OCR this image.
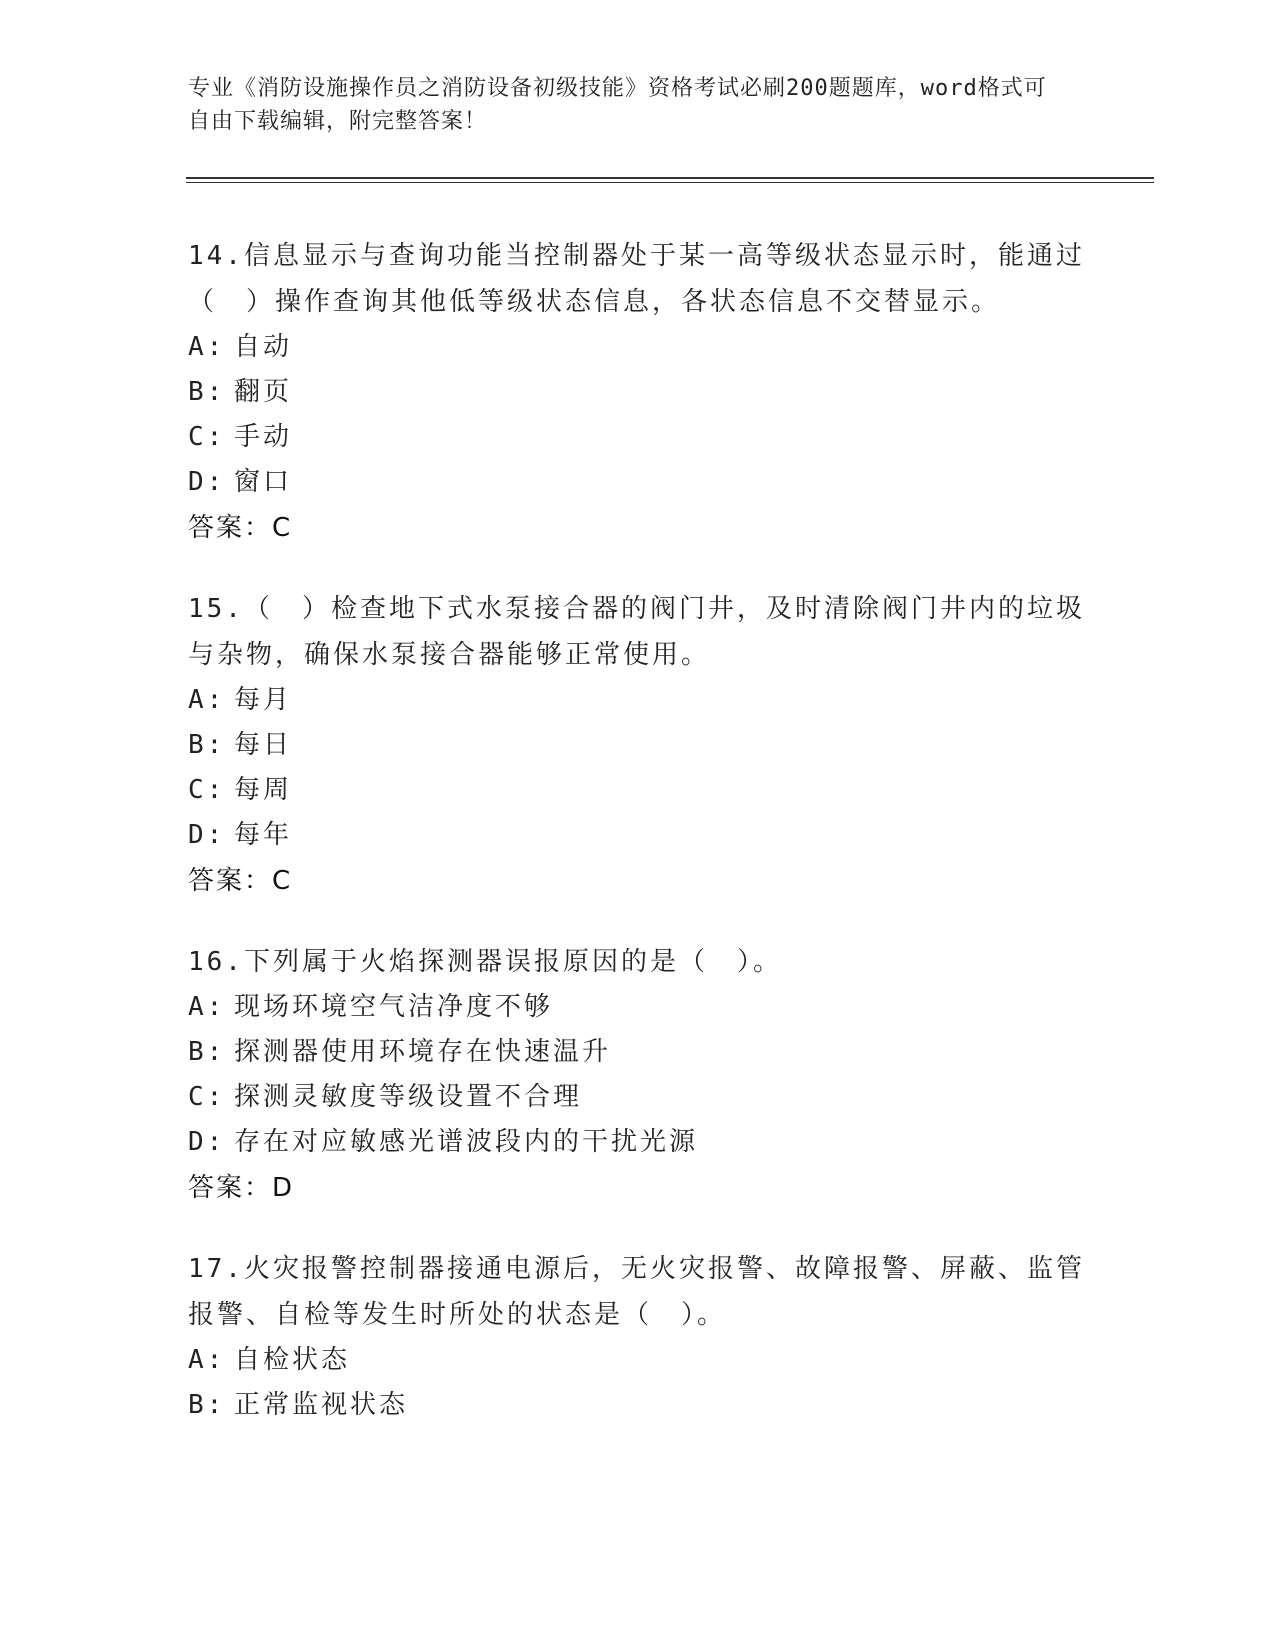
专业《消防设施操作员之消防设备初级技能》资格考试必刷200题题库，word格式可自由下载编辑，附完整答案！
14.信息显示与查询功能当控制器处于某一高等级状态显示时，能通过（　）操作查询其他低等级状态信息，各状态信息不交替显示。
A: 自动
B: 翻页
C: 手动
D: 窗口
答案：C
15.（　）检查地下式水泵接合器的阀门井，及时清除阀门井内的垃圾与杂物，确保水泵接合器能够正常使用。
A: 每月
B: 每日
C: 每周
D: 每年
答案：C
16.下列属于火焰探测器误报原因的是（　）。
A: 现场环境空气洁净度不够
B: 探测器使用环境存在快速温升
C: 探测灵敏度等级设置不合理
D: 存在对应敏感光谱波段内的干扰光源
答案：D
17.火灾报警控制器接通电源后，无火灾报警、故障报警、屏蔽、监管报警、自检等发生时所处的状态是（　）。
A: 自检状态
B: 正常监视状态
